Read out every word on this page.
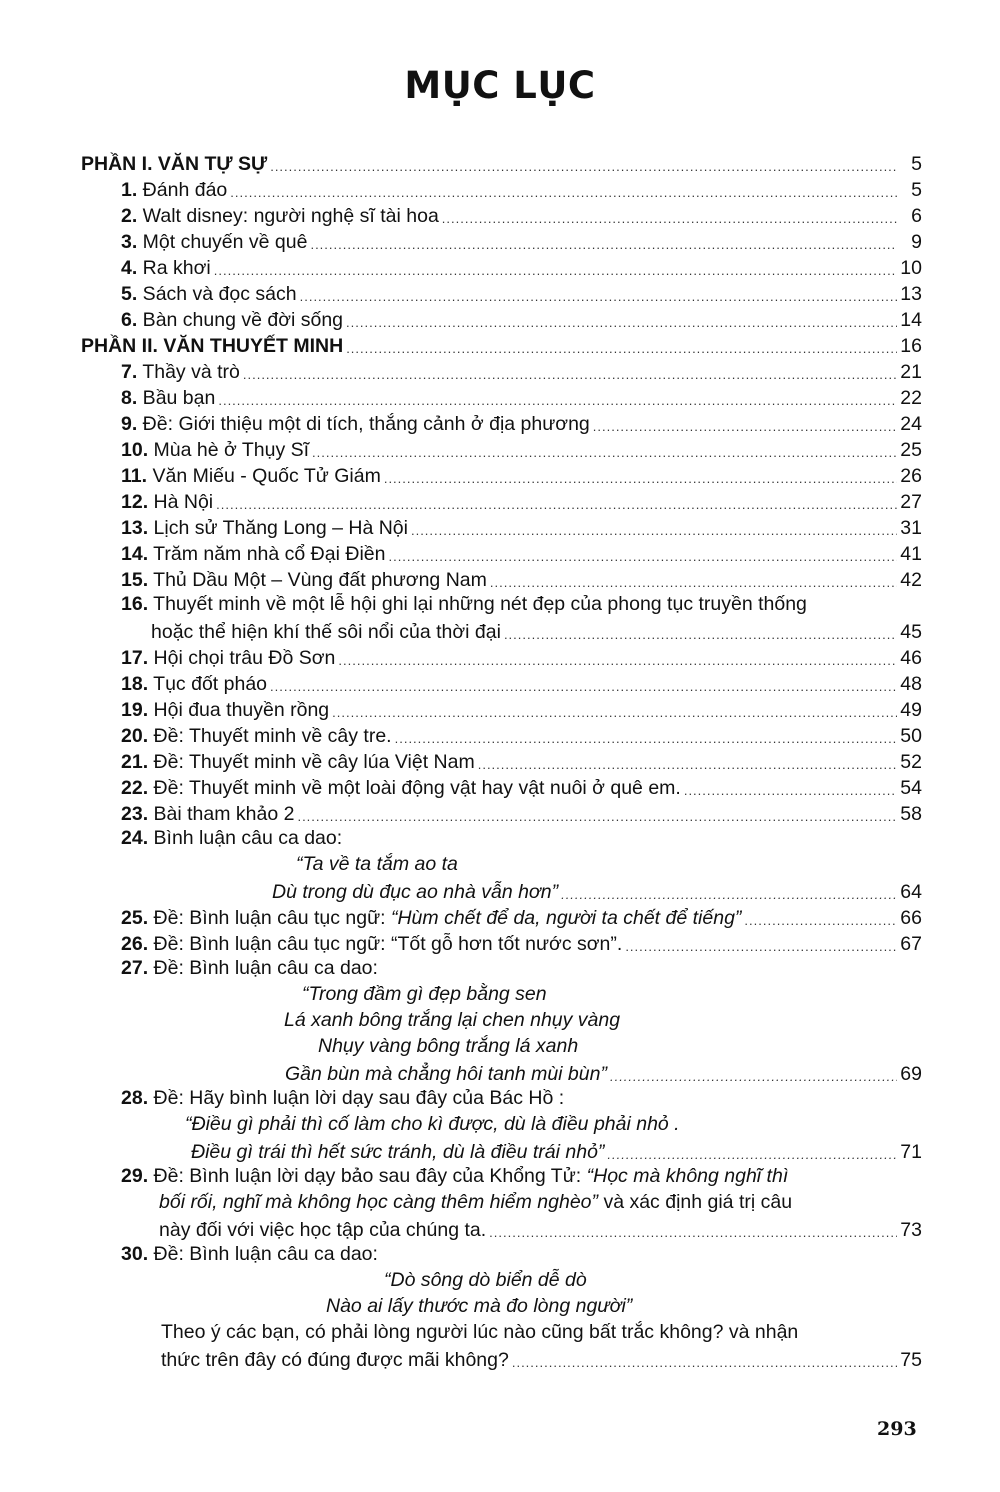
MỤC LỤC
PHẦN I. VĂN TỰ SỰ .....	5
1. Đánh đáo .....	5
2. Walt disney: người nghệ sĩ tài hoa .....	6
3. Một chuyến về quê .....	9
4. Ra khơi .....	10
5. Sách và đọc sách .....	13
6. Bàn chung về đời sống .....	14
PHẦN II. VĂN THUYẾT MINH .....	16
7. Thầy và trò .....	21
8. Bầu bạn .....	22
9. Đề: Giới thiệu một di tích, thắng cảnh ở địa phương .....	24
10. Mùa hè ở Thụy Sĩ .....	25
11. Văn Miếu - Quốc Tử Giám .....	26
12. Hà Nội .....	27
13. Lịch sử Thăng Long – Hà Nội .....	31
14. Trăm năm nhà cổ Đại Điền .....	41
15. Thủ Dầu Một – Vùng đất phương Nam .....	42
16. Thuyết minh về một lễ hội ghi lại những nét đẹp của phong tục truyền thống
hoặc thể hiện khí thế sôi nổi của thời đại .....	45
17. Hội chọi trâu Đồ Sơn .....	46
18. Tục đốt pháo .....	48
19. Hội đua thuyền rồng .....	49
20. Đề: Thuyết minh về cây tre. .....	50
21. Đề: Thuyết minh về cây lúa Việt Nam .....	52
22. Đề: Thuyết minh về một loài động vật hay vật nuôi ở quê em. .....	54
23. Bài tham khảo 2 .....	58
24. Bình luận câu ca dao:
“Ta về ta tắm ao ta
Dù trong dù đục ao nhà vẫn hơn” .....	64
25. Đề: Bình luận câu tục ngữ: “Hùm chết để da, người ta chết để tiếng” .....	66
26. Đề: Bình luận câu tục ngữ: “Tốt gỗ hơn tốt nước sơn”. .....	67
27. Đề: Bình luận câu ca dao:
“Trong đầm gì đẹp bằng sen
Lá xanh bông trắng lại chen nhụy vàng
Nhụy vàng bông trắng lá xanh
Gần bùn mà chẳng hôi tanh mùi bùn” .....	69
28. Đề: Hãy bình luận lời dạy sau đây của Bác Hồ :
“Điều gì phải thì cố làm cho kì được, dù là điều phải nhỏ .
Điều gì trái thì hết sức tránh, dù là điều trái nhỏ” .....	71
29. Đề: Bình luận lời dạy bảo sau đây của Khổng Tử: “Học mà không nghĩ thì
bối rối, nghĩ mà không học càng thêm hiểm nghèo” và xác định giá trị câu
này đối với việc học tập của chúng ta. .....	73
30. Đề: Bình luận câu ca dao:
“Dò sông dò biển dễ dò
Nào ai lấy thước mà đo lòng người”
Theo ý các bạn, có phải lòng người lúc nào cũng bất trắc không? và nhận
thức trên đây có đúng được mãi không? .....	75
293
